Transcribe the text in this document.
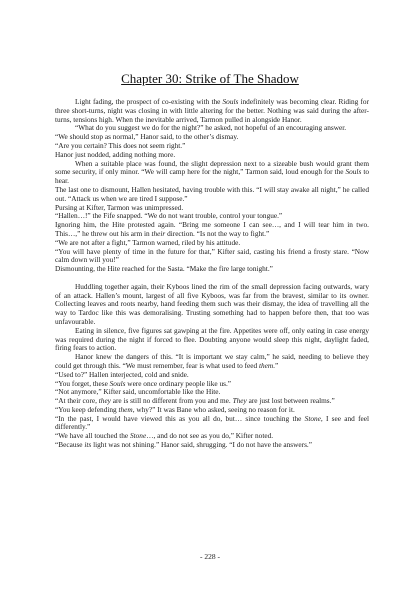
Chapter 30: Strike of The Shadow

Light fading, the prospect of co-existing with the Souls indefinitely was becoming clear. Riding for three short-turns, night was closing in with little altering for the better. Nothing was said during the after-turns, tensions high. When the inevitable arrived, Tarmon pulled in alongside Hanor.

“What do you suggest we do for the night?” he asked, not hopeful of an encouraging answer.

“We should stop as normal,” Hanor said, to the other’s dismay.

“Are you certain? This does not seem right.”

Hanor just nodded, adding nothing more.

When a suitable place was found, the slight depression next to a sizeable bush would grant them some security, if only minor. “We will camp here for the night,” Tarmon said, loud enough for the Souls to hear.

The last one to dismount, Hallen hesitated, having trouble with this. “I will stay awake all night,” he called out. “Attack us when we are tired I suppose.”

Pursing at Kifter, Tarmon was unimpressed.

“Hallen…!” the Fife snapped. “We do not want trouble, control your tongue.”

Ignoring him, the Hite protested again. “Bring me someone I can see…, and I will tear him in two. This…,” he threw out his arm in their direction. “Is not the way to fight.”

“We are not after a fight,” Tarmon warned, riled by his attitude.

“You will have plenty of time in the future for that,” Kifter said, casting his friend a frosty stare. “Now calm down will you!”

Dismounting, the Hite reached for the Sasta. “Make the fire large tonight.”

Huddling together again, their Kyboos lined the rim of the small depression facing outwards, wary of an attack. Hallen’s mount, largest of all five Kyboos, was far from the bravest, similar to its owner. Collecting leaves and roots nearby, hand feeding them such was their dismay, the idea of travelling all the way to Tardoc like this was demoralising. Trusting something had to happen before then, that too was unfavourable.

Eating in silence, five figures sat gawping at the fire. Appetites were off, only eating in case energy was required during the night if forced to flee. Doubting anyone would sleep this night, daylight faded, firing fears to action.

Hanor knew the dangers of this. “It is important we stay calm,” he said, needing to believe they could get through this. “We must remember, fear is what used to feed them.”

“Used to?” Hallen interjected, cold and snide.

“You forget, these Souls were once ordinary people like us.”

“Not anymore,” Kifter said, uncomfortable like the Hite.

“At their core, they are is still no different from you and me. They are just lost between realms.”

“You keep defending them, why?” It was Bane who asked, seeing no reason for it.

“In the past, I would have viewed this as you all do, but… since touching the Stone, I see and feel differently.”

“We have all touched the Stone…, and do not see as you do,” Kifter noted.

“Because its light was not shining.” Hanor said, shrugging. “I do not have the answers.”

- 228 -
